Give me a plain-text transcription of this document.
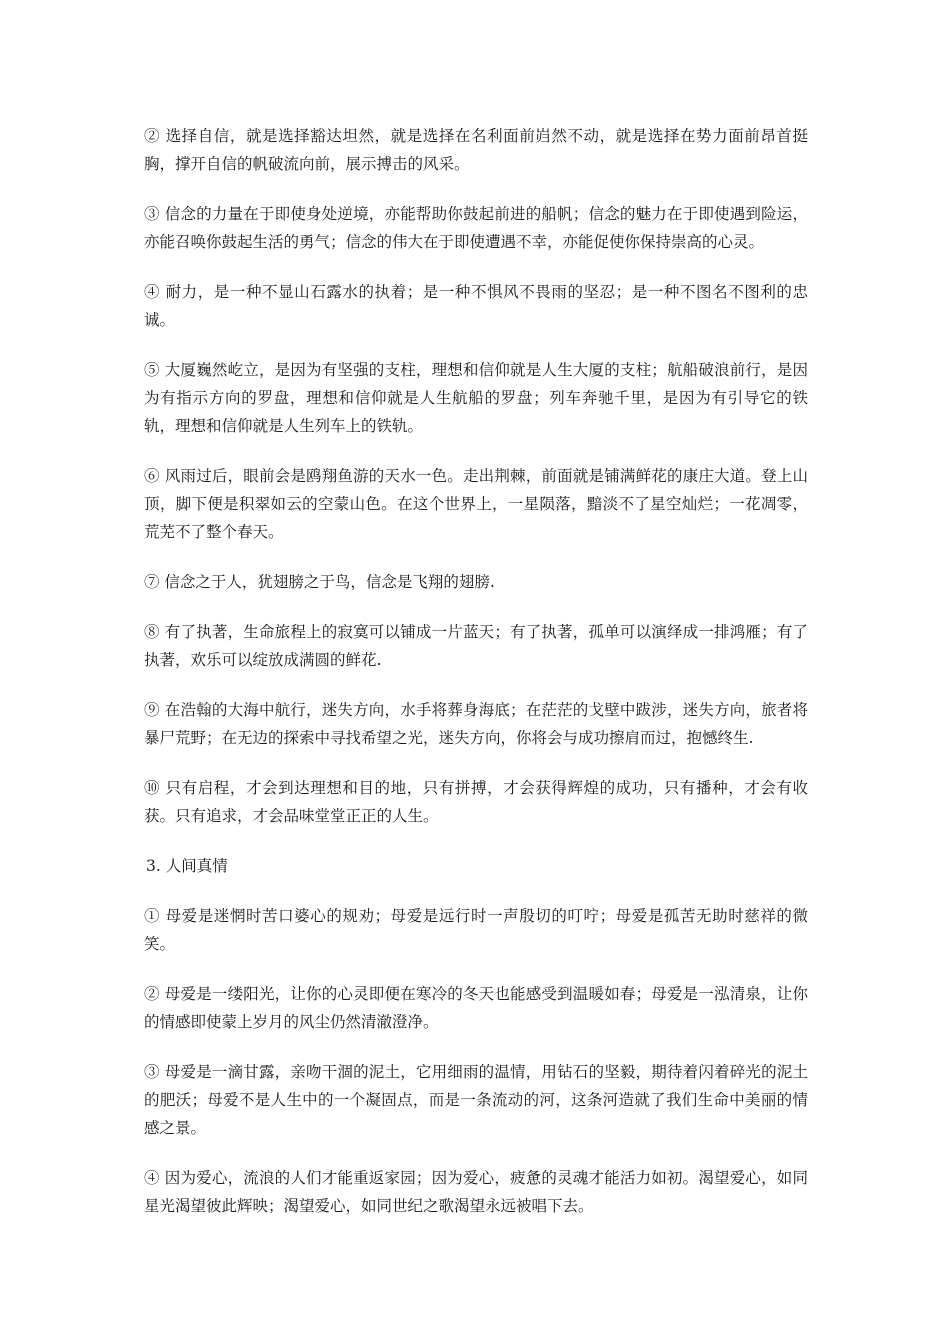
② 选择自信，就是选择豁达坦然，就是选择在名利面前岿然不动，就是选择在势力面前昂首挺胸，撑开自信的帆破流向前，展示搏击的风采。

③ 信念的力量在于即使身处逆境，亦能帮助你鼓起前进的船帆；信念的魅力在于即使遇到险运，亦能召唤你鼓起生活的勇气；信念的伟大在于即使遭遇不幸，亦能促使你保持崇高的心灵。

④ 耐力，是一种不显山石露水的执着；是一种不惧风不畏雨的坚忍；是一种不图名不图利的忠诚。

⑤ 大厦巍然屹立，是因为有坚强的支柱，理想和信仰就是人生大厦的支柱；航船破浪前行，是因为有指示方向的罗盘，理想和信仰就是人生航船的罗盘；列车奔驰千里，是因为有引导它的铁轨，理想和信仰就是人生列车上的铁轨。

⑥ 风雨过后，眼前会是鸥翔鱼游的天水一色。走出荆棘，前面就是铺满鲜花的康庄大道。登上山顶，脚下便是积翠如云的空蒙山色。在这个世界上，一星陨落，黯淡不了星空灿烂；一花凋零，荒芜不了整个春天。

⑦ 信念之于人，犹翅膀之于鸟，信念是飞翔的翅膀.

⑧ 有了执著，生命旅程上的寂寞可以铺成一片蓝天；有了执著，孤单可以演绎成一排鸿雁；有了执著，欢乐可以绽放成满圆的鲜花.

⑨ 在浩翰的大海中航行，迷失方向，水手将葬身海底；在茫茫的戈壁中跋涉，迷失方向，旅者将暴尸荒野；在无边的探索中寻找希望之光，迷失方向，你将会与成功擦肩而过，抱憾终生.

⑩ 只有启程，才会到达理想和目的地，只有拼搏，才会获得辉煌的成功，只有播种，才会有收获。只有追求，才会品味堂堂正正的人生。

3. 人间真情

① 母爱是迷惘时苦口婆心的规劝；母爱是远行时一声殷切的叮咛；母爱是孤苦无助时慈祥的微笑。

② 母爱是一缕阳光，让你的心灵即便在寒冷的冬天也能感受到温暖如春；母爱是一泓清泉，让你的情感即使蒙上岁月的风尘仍然清澈澄净。

③ 母爱是一滴甘露，亲吻干涸的泥土，它用细雨的温情，用钻石的坚毅，期待着闪着碎光的泥土的肥沃；母爱不是人生中的一个凝固点，而是一条流动的河，这条河造就了我们生命中美丽的情感之景。

④ 因为爱心，流浪的人们才能重返家园；因为爱心，疲惫的灵魂才能活力如初。渴望爱心，如同星光渴望彼此辉映；渴望爱心，如同世纪之歌渴望永远被唱下去。
